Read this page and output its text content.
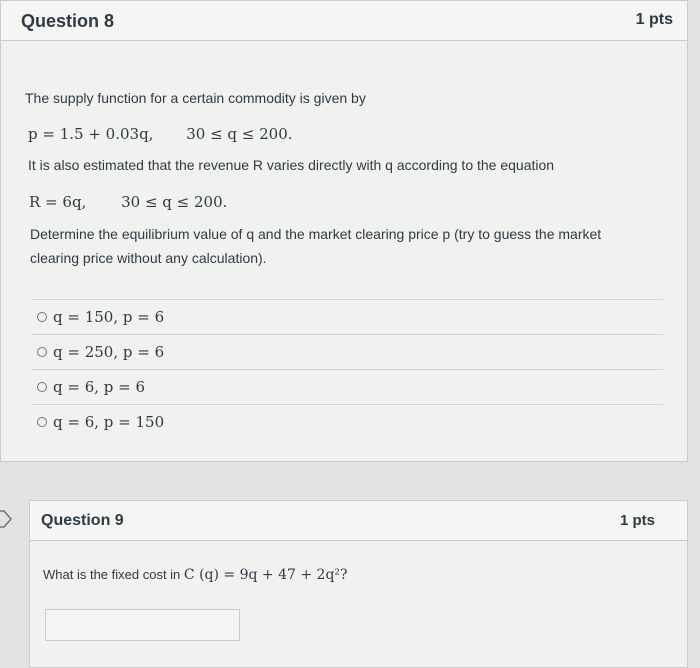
Question 8	1 pts
The supply function for a certain commodity is given by
p = 1.5 + 0.03q, 30 ≤ q ≤ 200.
It is also estimated that the revenue R varies directly with q according to the equation
R = 6q, 30 ≤ q ≤ 200.
Determine the equilibrium value of q and the market clearing price p (try to guess the market
clearing price without any calculation).
q = 150, p = 6
q = 250, p = 6
q = 6, p = 6
q = 6, p = 150
Question 9	1 pts
What is the fixed cost in C (q) = 9q + 47 + 2q²?
